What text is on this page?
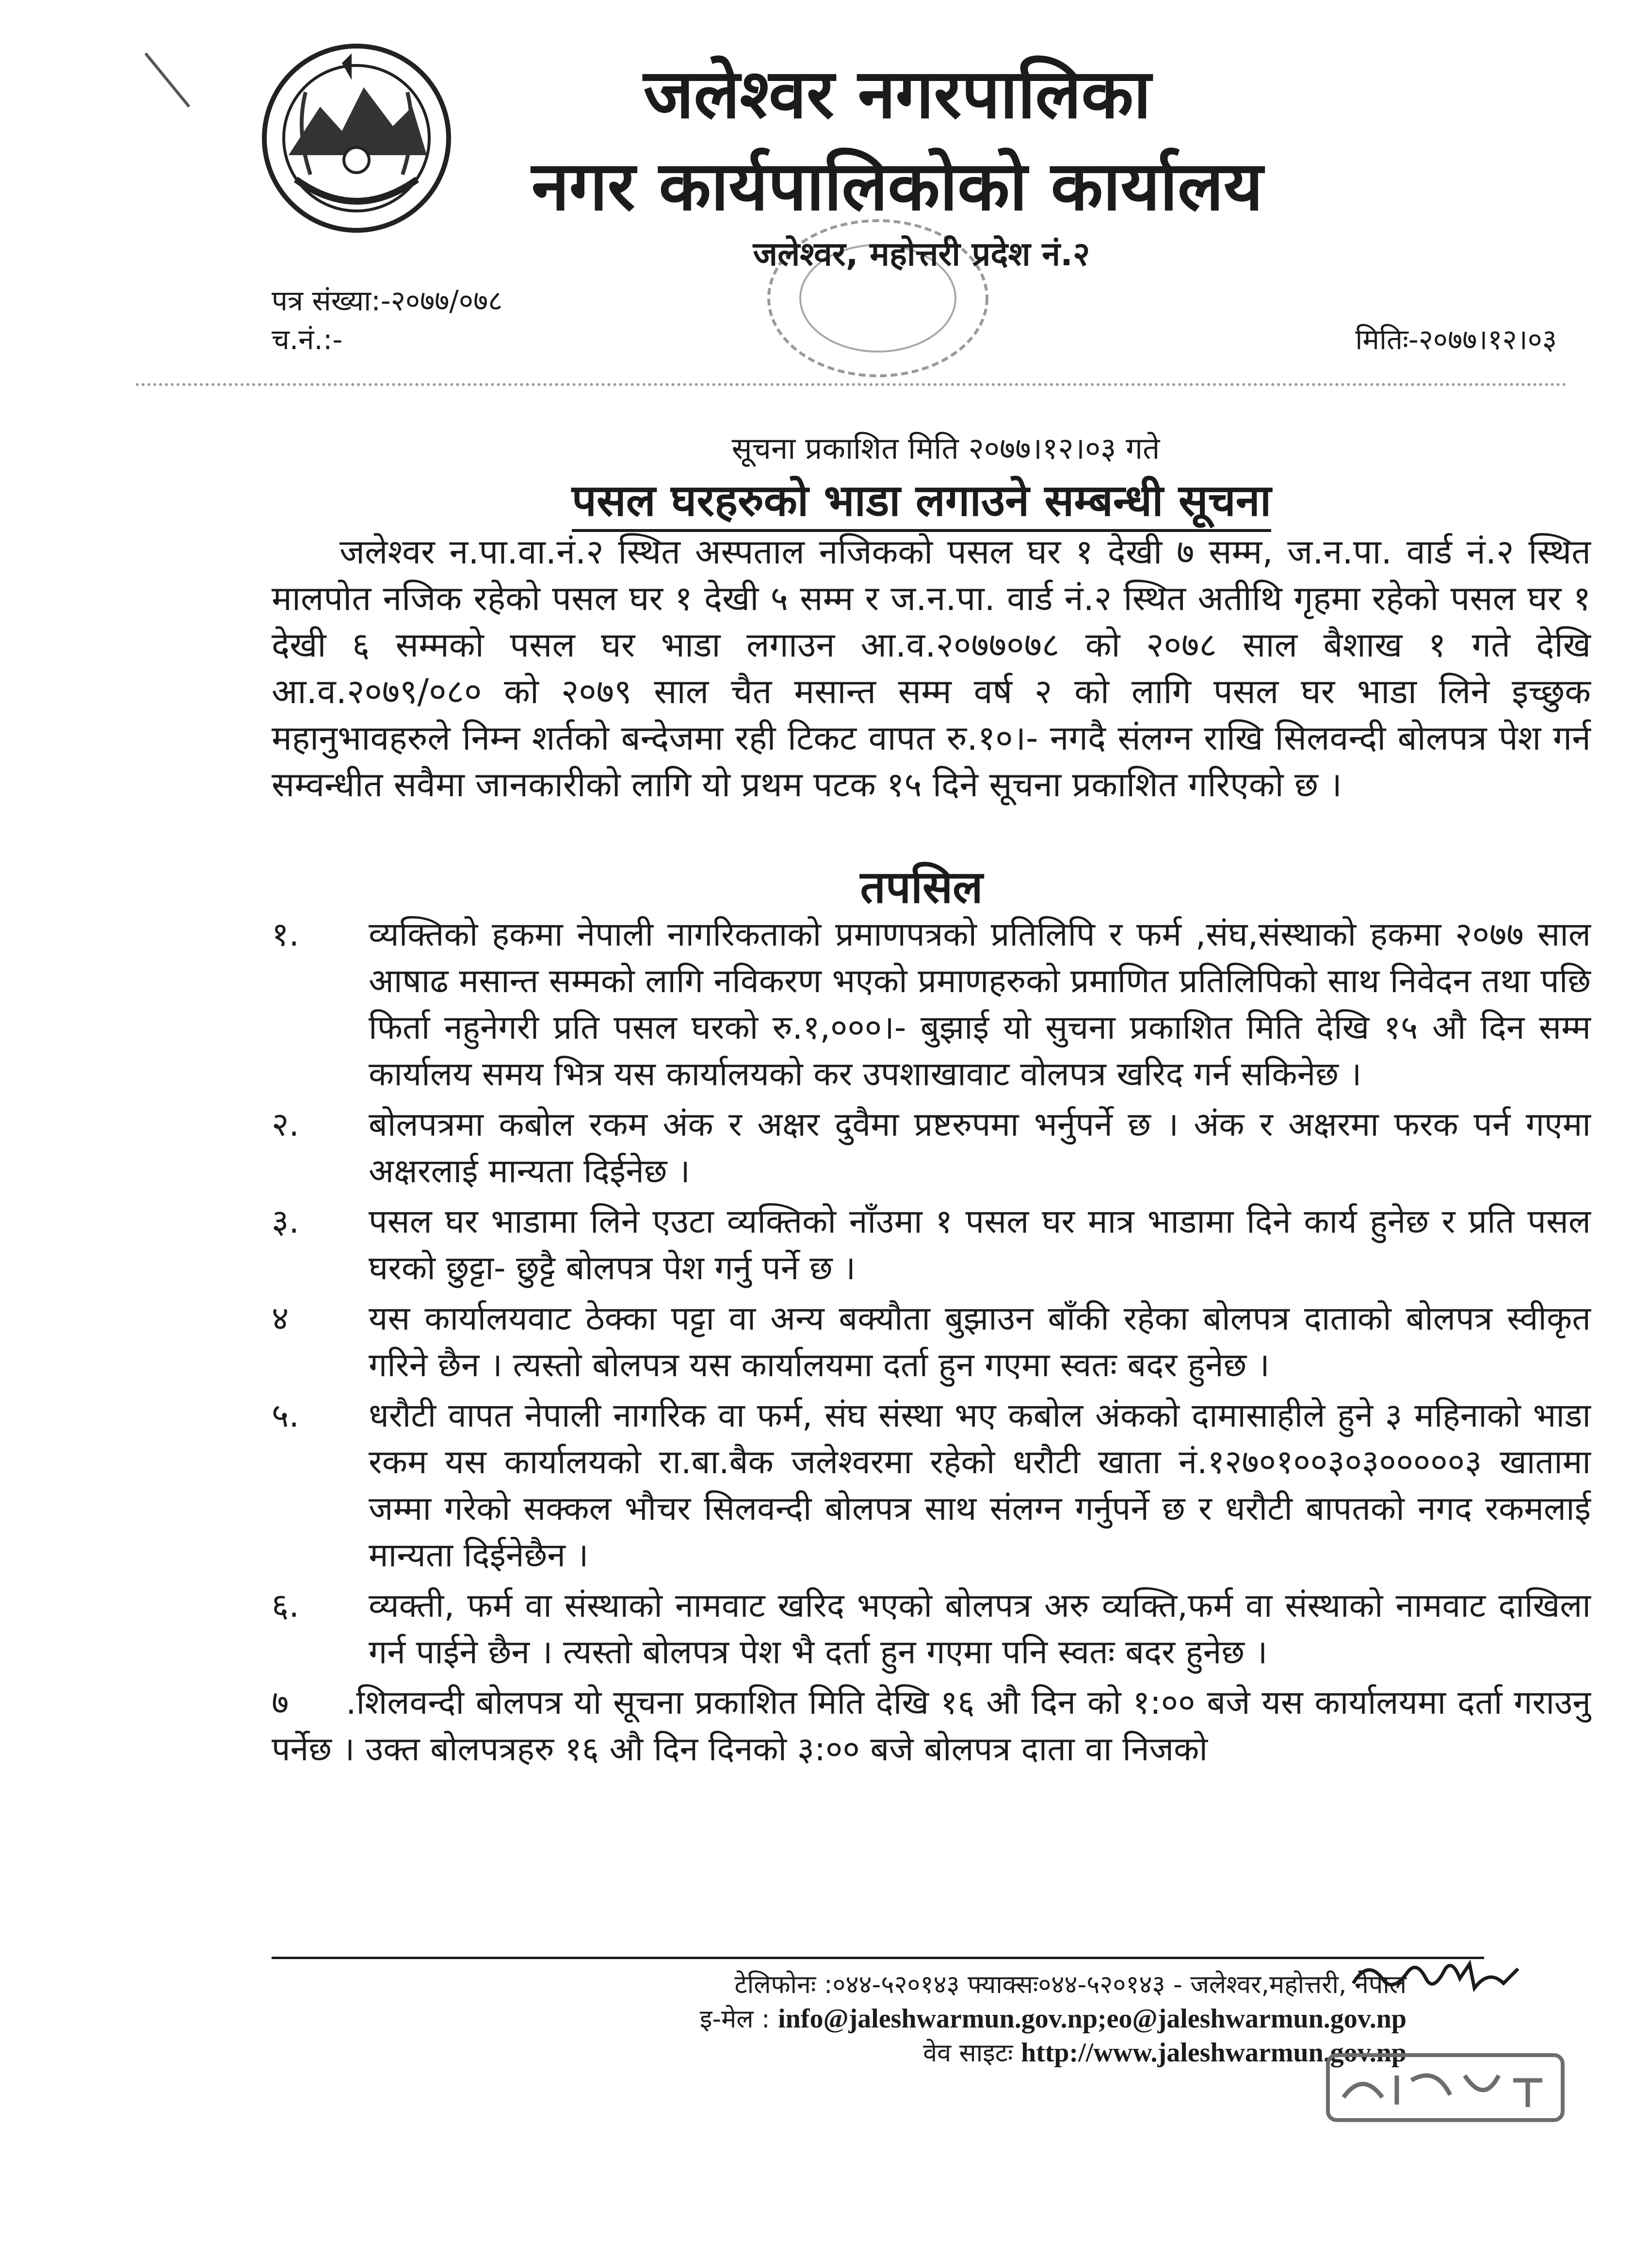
जलेश्वर नगरपालिका
नगर कार्यपालिकोको कार्यालय
जलेश्वर, महोत्तरी प्रदेश नं.२
पत्र संख्या:-२०७७/०७८
च.नं.:-	मितिः-२०७७।१२।०३
सूचना प्रकाशित मिति २०७७।१२।०३ गते
पसल घरहरुको भाडा लगाउने सम्बन्धी सूचना
जलेश्वर न.पा.वा.नं.२ स्थित अस्पताल नजिकको पसल घर १ देखी ७ सम्म, ज.न.पा. वार्ड नं.२ स्थित मालपोत नजिक रहेको पसल घर १ देखी ५ सम्म र ज.न.पा. वार्ड नं.२ स्थित अतीथि गृहमा रहेको पसल घर १ देखी ६ सम्मको पसल घर भाडा लगाउन आ.व.२०७७०७८ को २०७८ साल बैशाख १ गते देखि आ.व.२०७९/०८० को २०७९ साल चैत मसान्त सम्म वर्ष २ को लागि पसल घर भाडा लिने इच्छुक महानुभावहरुले निम्न शर्तको बन्देजमा रही टिकट वापत रु.१०।- नगदै संलग्न राखि सिलवन्दी बोलपत्र पेश गर्न सम्वन्धीत सवैमा जानकारीको लागि यो प्रथम पटक १५ दिने सूचना प्रकाशित गरिएको छ ।
तपसिल
१.	व्यक्तिको हकमा नेपाली नागरिकताको प्रमाणपत्रको प्रतिलिपि र फर्म ,संघ,संस्थाको हकमा २०७७ साल आषाढ मसान्त सम्मको लागि नविकरण भएको प्रमाणहरुको प्रमाणित प्रतिलिपिको साथ निवेदन तथा पछि फिर्ता नहुनेगरी प्रति पसल घरको रु.१,०००।- बुझाई यो सुचना प्रकाशित मिति देखि १५ औ दिन सम्म कार्यालय समय भित्र यस कार्यालयको कर उपशाखावाट वोलपत्र खरिद गर्न सकिनेछ ।
२.	बोलपत्रमा कबोल रकम अंक र अक्षर दुवैमा प्रष्टरुपमा भर्नुपर्ने छ । अंक र अक्षरमा फरक पर्न गएमा अक्षरलाई मान्यता दिईनेछ ।
३.	पसल घर भाडामा लिने एउटा व्यक्तिको नाँउमा १ पसल घर मात्र भाडामा दिने कार्य हुनेछ र प्रति पसल घरको छुट्टा- छुट्टै बोलपत्र पेश गर्नु पर्ने छ ।
४	यस कार्यालयवाट ठेक्का पट्टा वा अन्य बक्यौता बुझाउन बाँकी रहेका बोलपत्र दाताको बोलपत्र स्वीकृत गरिने छैन । त्यस्तो बोलपत्र यस कार्यालयमा दर्ता हुन गएमा स्वतः बदर हुनेछ ।
५.	धरौटी वापत नेपाली नागरिक वा फर्म, संघ संस्था भए कबोल अंकको दामासाहीले हुने ३ महिनाको भाडा रकम यस कार्यालयको रा.बा.बैक जलेश्वरमा रहेको धरौटी खाता नं.१२७०१००३०३०००००३ खातामा जम्मा गरेको सक्कल भौचर सिलवन्दी बोलपत्र साथ संलग्न गर्नुपर्ने छ र धरौटी बापतको नगद रकमलाई मान्यता दिईनेछैन ।
६.	व्यक्ती, फर्म वा संस्थाको नामवाट खरिद भएको बोलपत्र अरु व्यक्ति,फर्म वा संस्थाको नामवाट दाखिला गर्न पाईने छैन । त्यस्तो बोलपत्र पेश भै दर्ता हुन गएमा पनि स्वतः बदर हुनेछ ।
७ .शिलवन्दी बोलपत्र यो सूचना प्रकाशित मिति देखि १६ औ दिन को १:०० बजे यस कार्यालयमा दर्ता गराउनु पर्नेछ । उक्त बोलपत्रहरु १६ औ दिन दिनको ३:०० बजे बोलपत्र दाता वा निजको
टेलिफोनः :०४४-५२०१४३ फ्याक्सः०४४-५२०१४३ - जलेश्वर,महोत्तरी, नेपाल
इ-मेल : info@jaleshwarmun.gov.np;eo@jaleshwarmun.gov.np
वेव साइटः http://www.jaleshwarmun.gov.np
